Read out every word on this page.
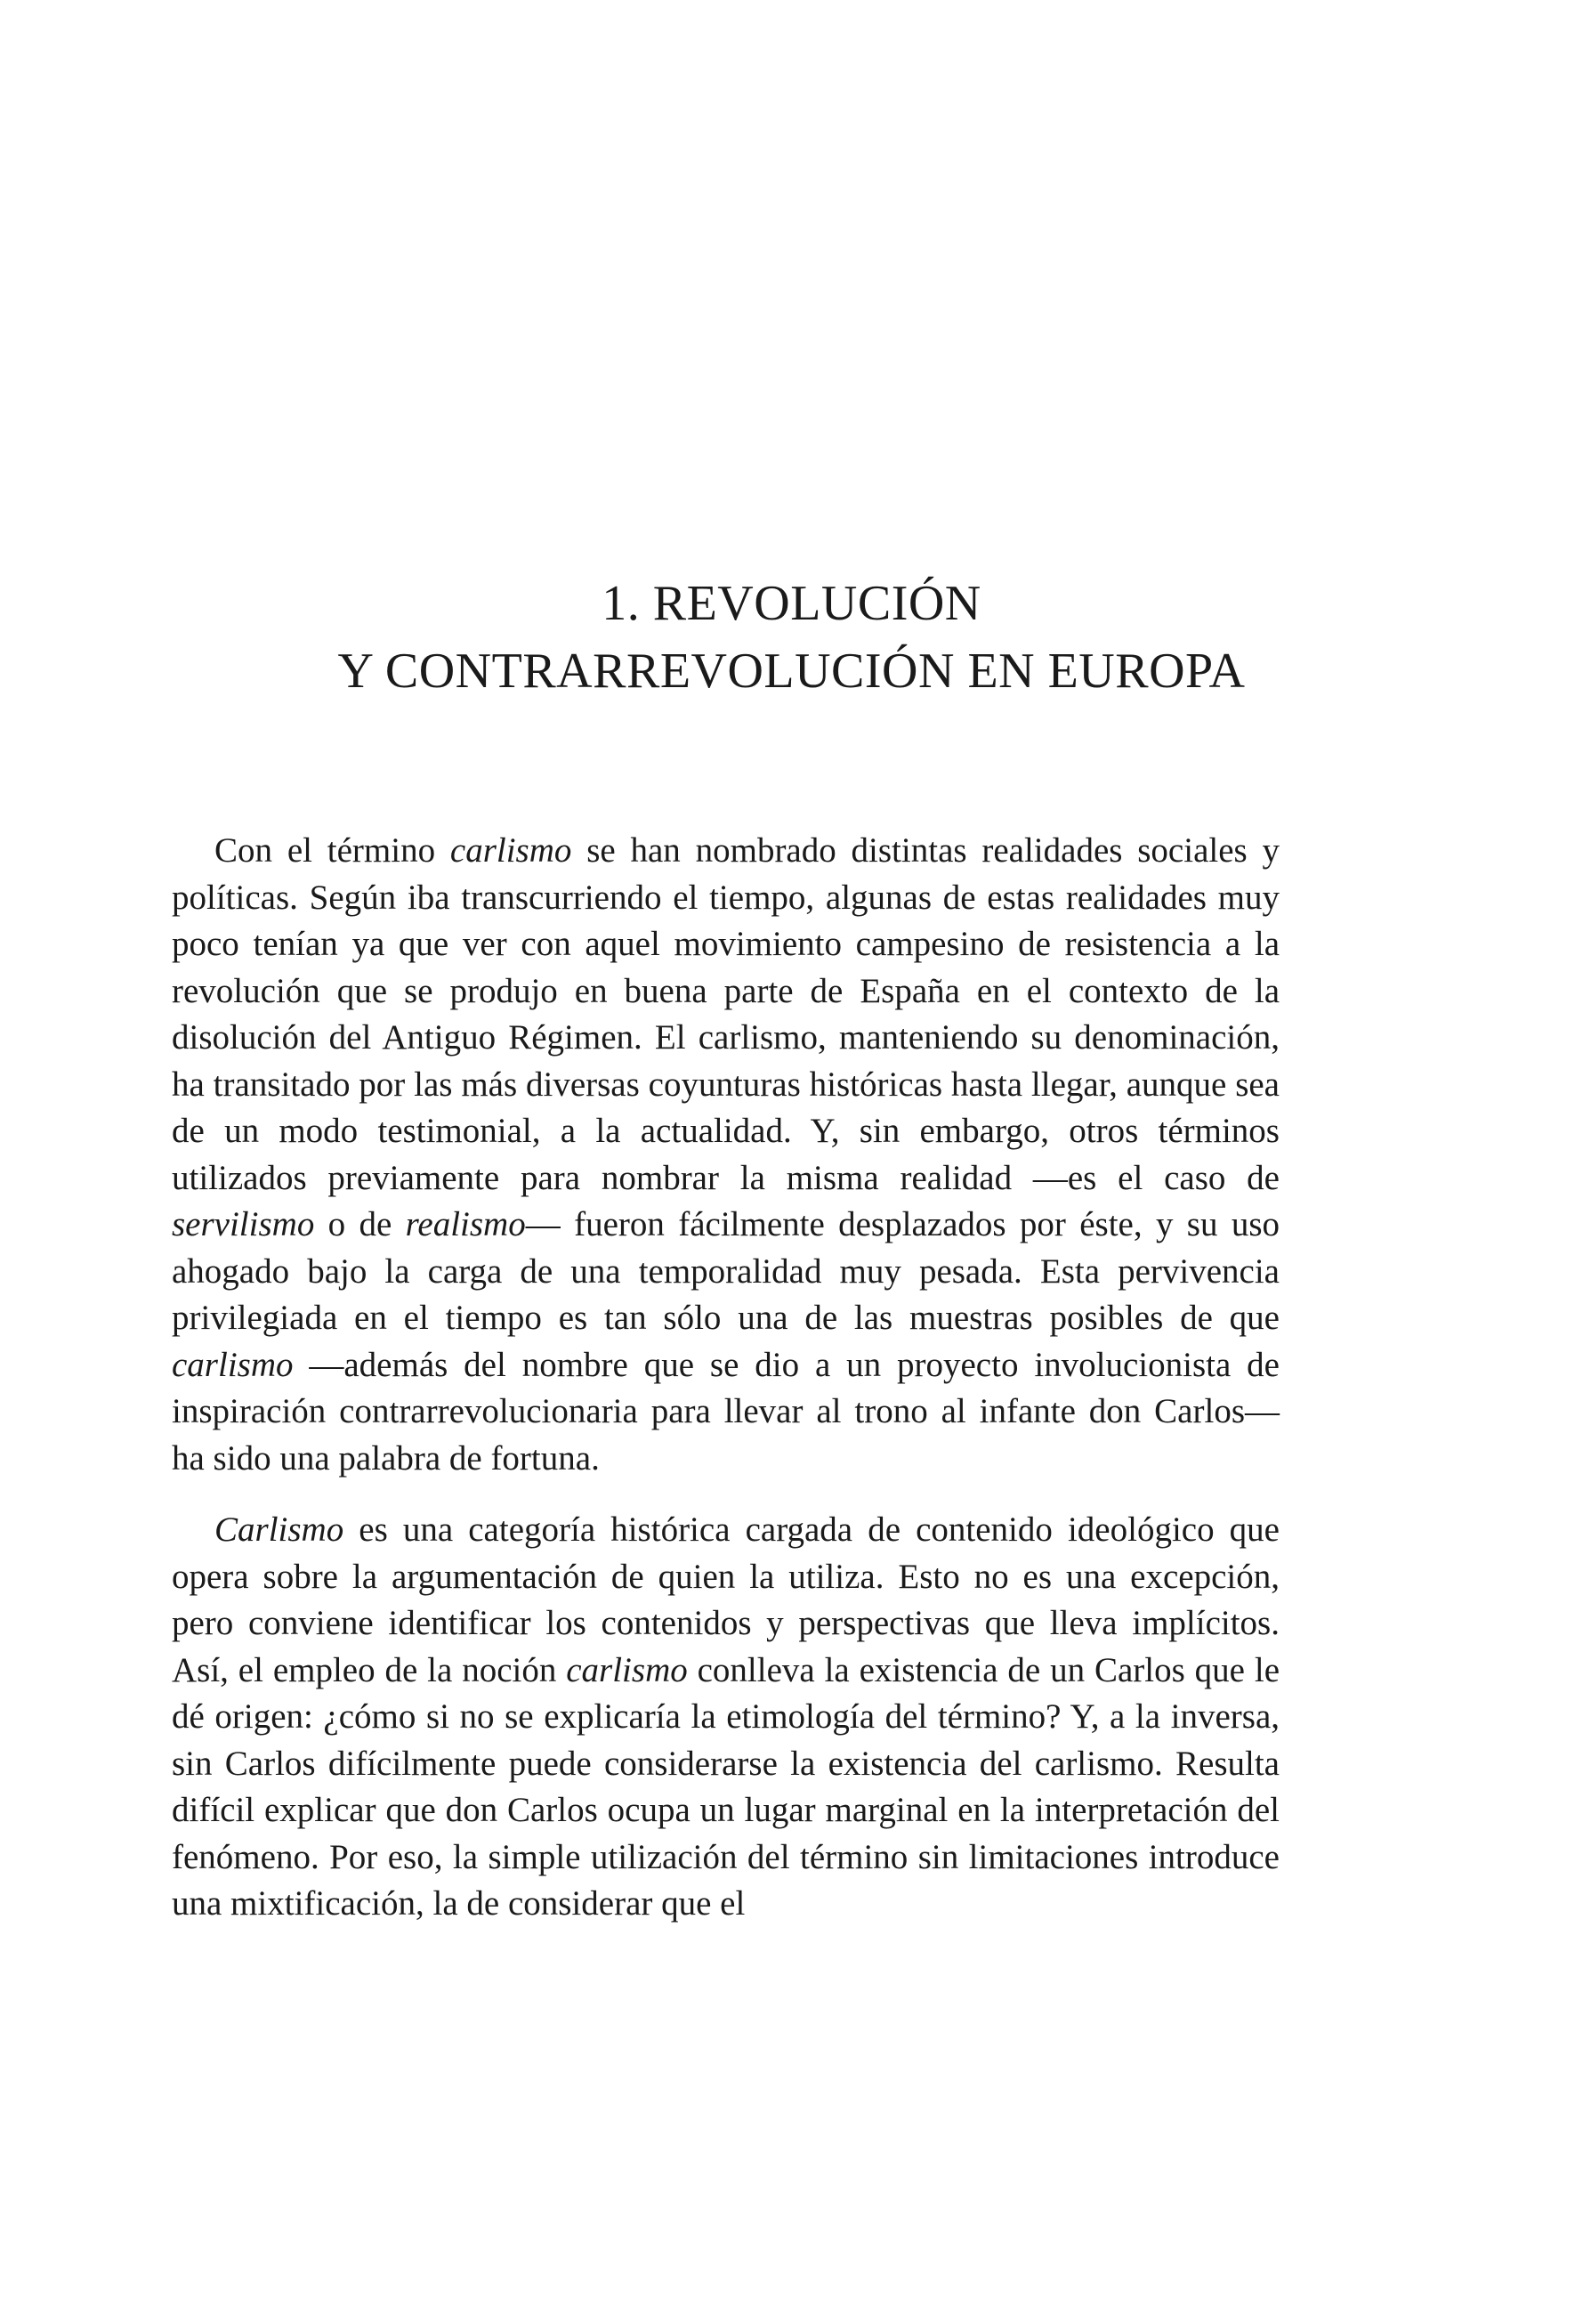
1. REVOLUCIÓN
Y CONTRARREVOLUCIÓN EN EUROPA

Con el término carlismo se han nombrado distintas realidades sociales y políticas. Según iba transcurriendo el tiempo, algunas de estas realidades muy poco tenían ya que ver con aquel movimiento campesino de resistencia a la revolución que se produjo en buena parte de España en el contexto de la disolución del Antiguo Régimen. El carlismo, manteniendo su denominación, ha transitado por las más diversas coyunturas históricas hasta llegar, aunque sea de un modo testimonial, a la actualidad. Y, sin embargo, otros términos utilizados previamente para nombrar la misma realidad —es el caso de servilismo o de realismo— fueron fácilmente desplazados por éste, y su uso ahogado bajo la carga de una temporalidad muy pesada. Esta pervivencia privilegiada en el tiempo es tan sólo una de las muestras posibles de que carlismo —además del nombre que se dio a un proyecto involucionista de inspiración contrarrevolucionaria para llevar al trono al infante don Carlos— ha sido una palabra de fortuna.

Carlismo es una categoría histórica cargada de contenido ideológico que opera sobre la argumentación de quien la utiliza. Esto no es una excepción, pero conviene identificar los contenidos y perspectivas que lleva implícitos. Así, el empleo de la noción carlismo conlleva la existencia de un Carlos que le dé origen: ¿cómo si no se explicaría la etimología del término? Y, a la inversa, sin Carlos difícilmente puede considerarse la existencia del carlismo. Resulta difícil explicar que don Carlos ocupa un lugar marginal en la interpretación del fenómeno. Por eso, la simple utilización del término sin limitaciones introduce una mixtificación, la de considerar que el
